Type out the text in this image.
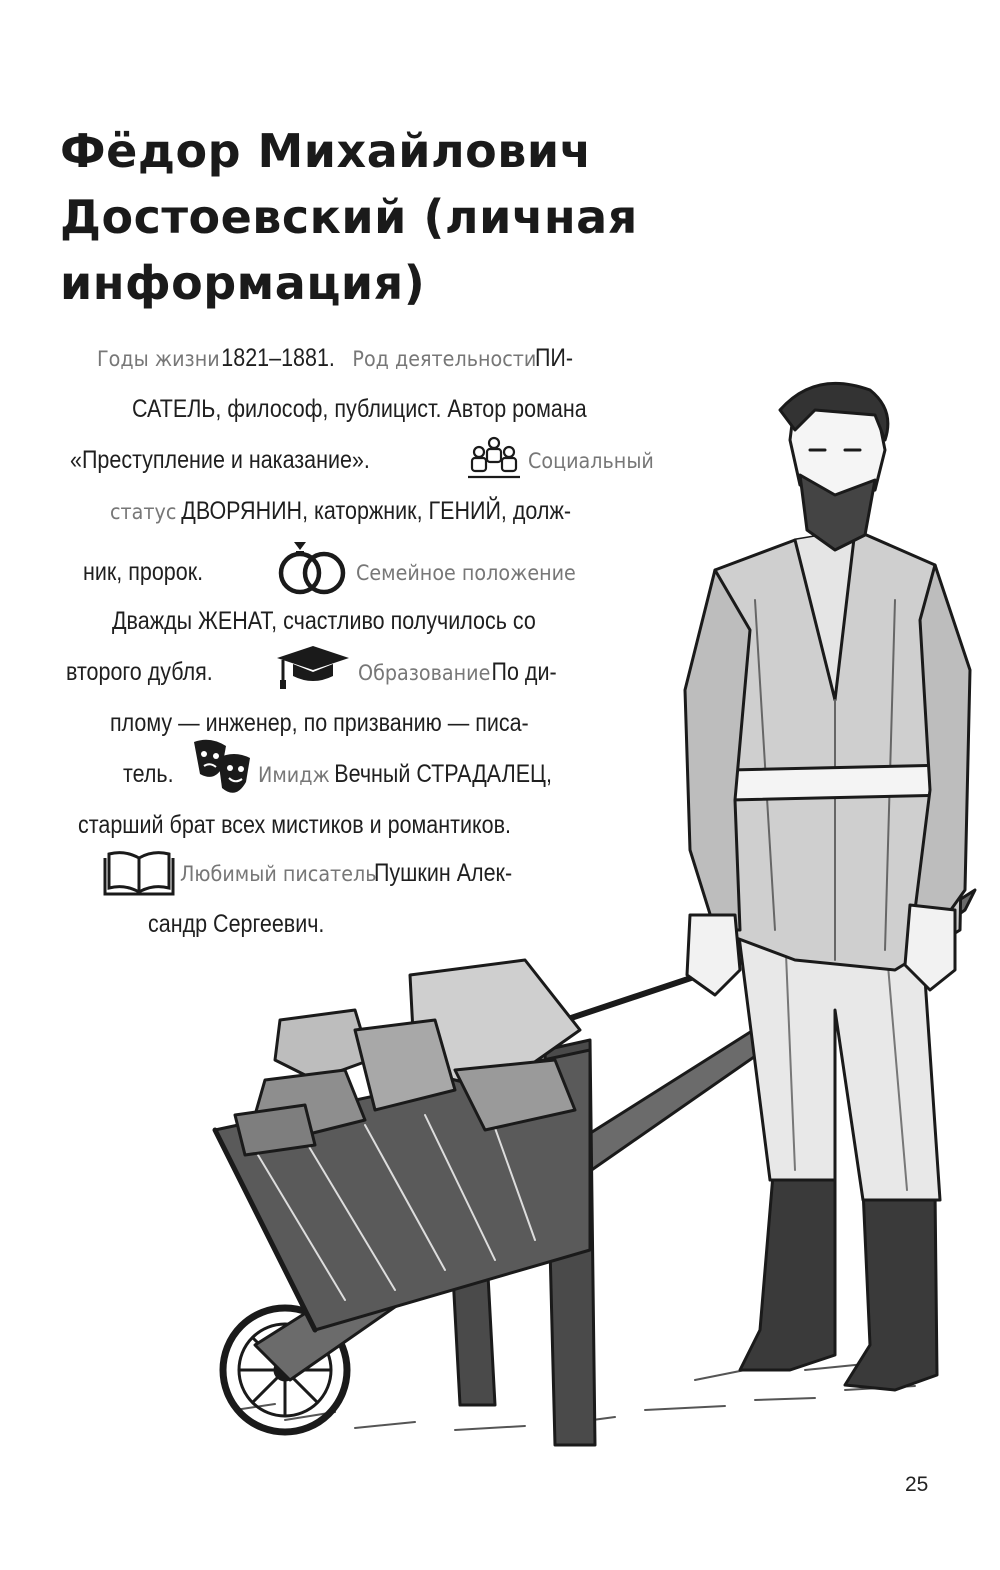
Фёдор Михайлович
Достоевский (личная
информация)
Годы жизни1821–1881. Род деятельностиПИ-
САТЕЛЬ, философ, публицист. Автор романа
«Преступление и наказание».	Социальный
статус ДВОРЯНИН, каторжник, ГЕНИЙ, долж-
ник, пророк.	Семейное положение
Дважды ЖЕНАТ, счастливо получилось со
второго дубля.	ОбразованиеПо ди-
плому — инженер, по призванию — писа-
тель.	Имидж Вечный СТРАДАЛЕЦ,
старший брат всех мистиков и романтиков.
Любимый писательПушкин Алек-
сандр Сергеевич.
25
